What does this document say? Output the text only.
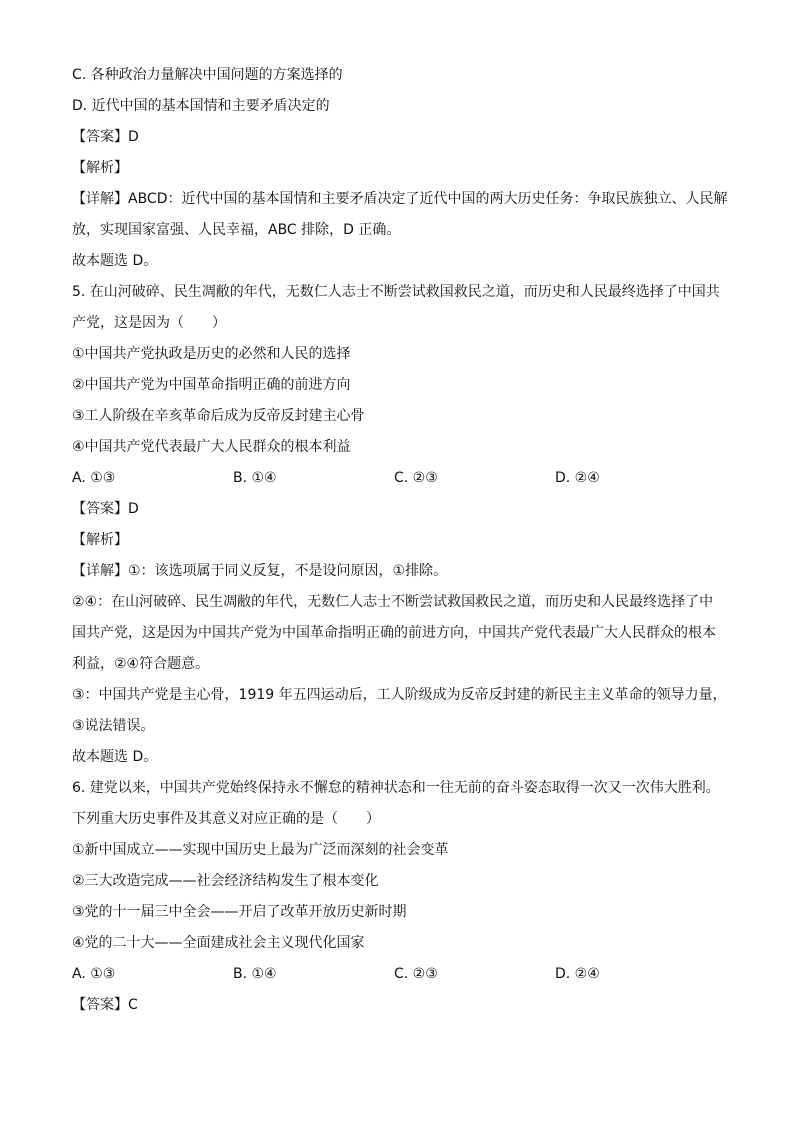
C. 各种政治力量解决中国问题的方案选择的
D. 近代中国的基本国情和主要矛盾决定的
【答案】D
【解析】
【详解】ABCD：近代中国的基本国情和主要矛盾决定了近代中国的两大历史任务：争取民族独立、人民解
放，实现国家富强、人民幸福，ABC 排除，D 正确。
故本题选 D。
5. 在山河破碎、民生凋敝的年代，无数仁人志士不断尝试救国救民之道，而历史和人民最终选择了中国共
产党，这是因为（　　）
①中国共产党执政是历史的必然和人民的选择
②中国共产党为中国革命指明正确的前进方向
③工人阶级在辛亥革命后成为反帝反封建主心骨
④中国共产党代表最广大人民群众的根本利益
A. ①③	B. ①④	C. ②③	D. ②④
【答案】D
【解析】
【详解】①：该选项属于同义反复，不是设问原因，①排除。
②④：在山河破碎、民生凋敝的年代，无数仁人志士不断尝试救国救民之道，而历史和人民最终选择了中
国共产党，这是因为中国共产党为中国革命指明正确的前进方向，中国共产党代表最广大人民群众的根本
利益，②④符合题意。
③：中国共产党是主心骨，1919 年五四运动后，工人阶级成为反帝反封建的新民主主义革命的领导力量，
③说法错误。
故本题选 D。
6. 建党以来，中国共产党始终保持永不懈怠的精神状态和一往无前的奋斗姿态取得一次又一次伟大胜利。
下列重大历史事件及其意义对应正确的是（　　）
①新中国成立——实现中国历史上最为广泛而深刻的社会变革
②三大改造完成——社会经济结构发生了根本变化
③党的十一届三中全会——开启了改革开放历史新时期
④党的二十大——全面建成社会主义现代化国家
A. ①③	B. ①④	C. ②③	D. ②④
【答案】C
